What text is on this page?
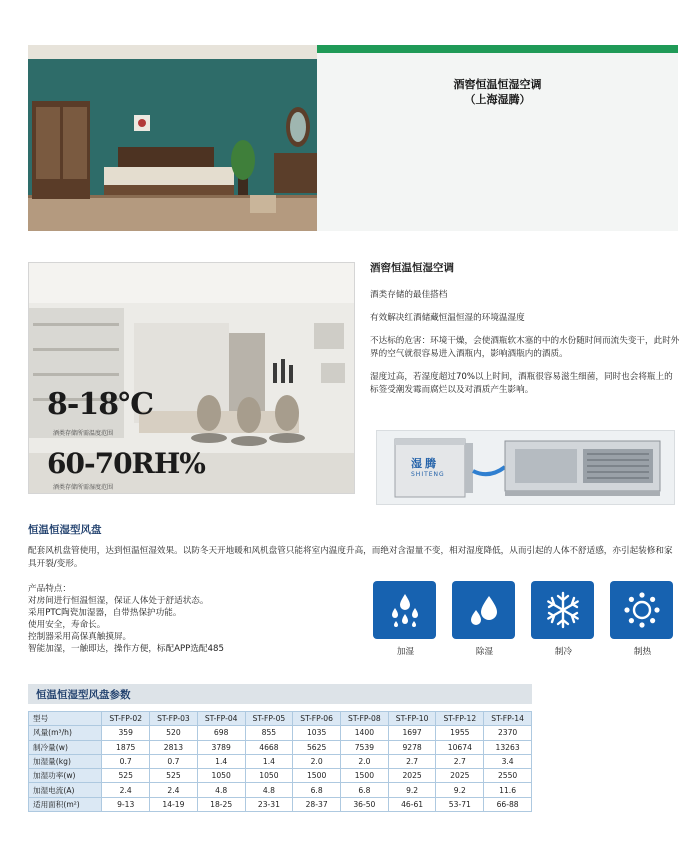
酒窖恒温恒湿空调
（上海湿腾）
8-18℃
酒类存储所需温度范围
60-70RH%
酒类存储所需湿度范围
酒窖恒温恒湿空调

酒类存储的最佳搭档

有效解决红酒储藏恒温恒湿的环境温湿度

不达标的危害：环境干燥，会使酒瓶软木塞的中的水份随时间而流失变干，此时外界的空气就很容易进入酒瓶内，影响酒瓶内的酒质。

湿度过高，若湿度超过70%以上时间，酒瓶很容易滋生细菌，同时也会将瓶上的标签受潮发霉而腐烂以及对酒质产生影响。

湿腾
SHITENG
恒温恒湿型风盘
配套风机盘管使用，达到恒温恒湿效果。以防冬天开地暖和风机盘管只能将室内温度升高，而绝对含湿量不变，相对湿度降低，从而引起的人体不舒适感，亦引起装修和家具开裂/变形。
产品特点：
对房间进行恒温恒湿，保证人体处于舒适状态。
采用PTC陶瓷加湿器，自带热保护功能。
使用安全，寿命长。
控制器采用高保真触摸屏。
智能加湿，一触即达，操作方便，标配APP选配485	加湿	除湿	制冷	制热
恒温恒湿型风盘参数
型号	ST-FP-02	ST-FP-03	ST-FP-04	ST-FP-05	ST-FP-06	ST-FP-08	ST-FP-10	ST-FP-12	ST-FP-14
风量(m³/h)	359	520	698	855	1035	1400	1697	1955	2370
制冷量(w)	1875	2813	3789	4668	5625	7539	9278	10674	13263
加湿量(kg)	0.7	0.7	1.4	1.4	2.0	2.0	2.7	2.7	3.4
加湿功率(w)	525	525	1050	1050	1500	1500	2025	2025	2550
加湿电流(A)	2.4	2.4	4.8	4.8	6.8	6.8	9.2	9.2	11.6
适用面积(m²)	9-13	14-19	18-25	23-31	28-37	36-50	46-61	53-71	66-88
